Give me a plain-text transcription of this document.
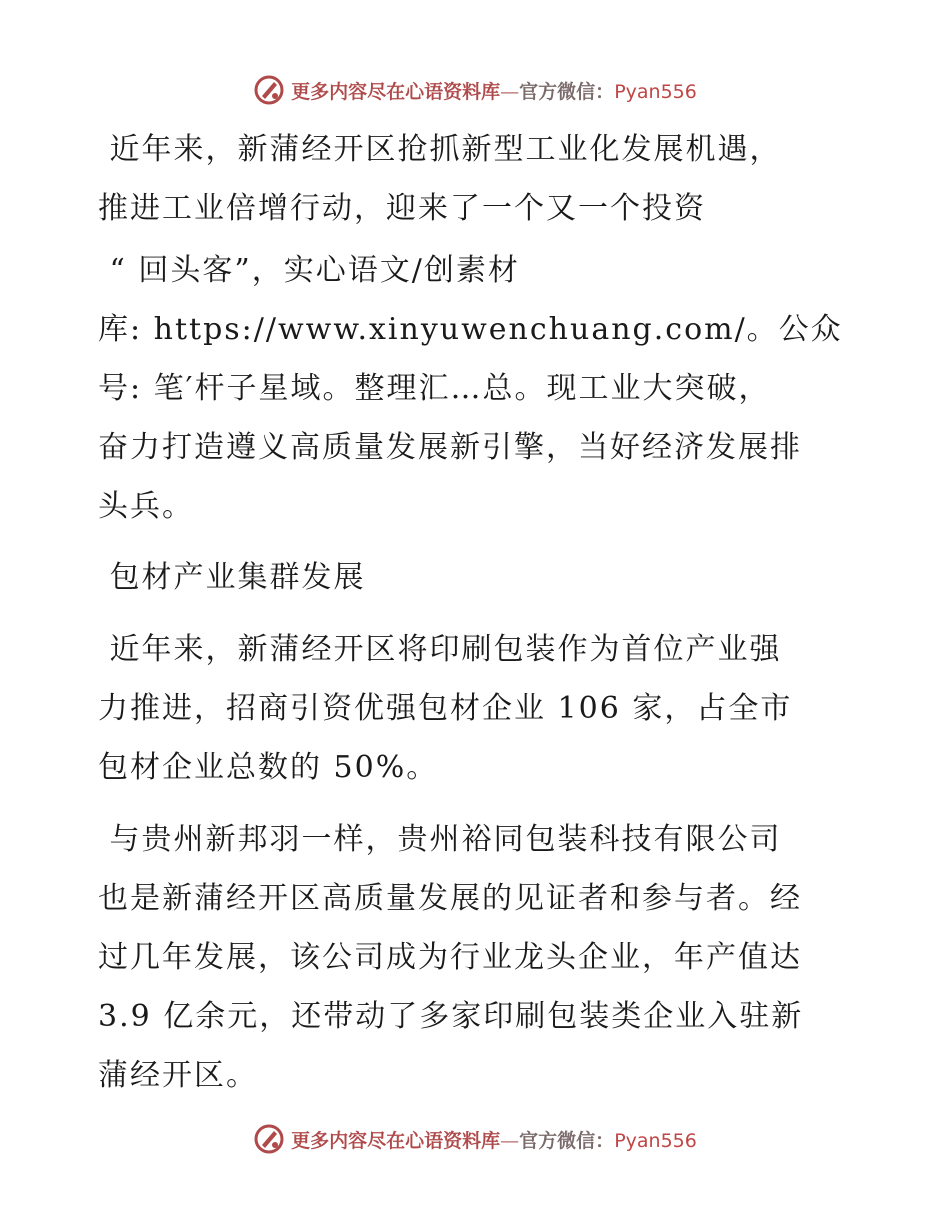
更多内容尽在心语资料库—官方微信：Pyan556

近年来，新蒲经开区抢抓新型工业化发展机遇，
推进工业倍增行动，迎来了一个又一个投资

“ 回头客”，实心语文/创素材
库: https://www.xinyuwenchuang.com/。公众
号: 笔′杆子星域。整理汇…总。现工业大突破，
奋力打造遵义高质量发展新引擎，当好经济发展排
头兵。

包材产业集群发展

近年来，新蒲经开区将印刷包装作为首位产业强
力推进，招商引资优强包材企业 106 家，占全市
包材企业总数的 50%。

与贵州新邦羽一样，贵州裕同包装科技有限公司
也是新蒲经开区高质量发展的见证者和参与者。经
过几年发展，该公司成为行业龙头企业，年产值达
3.9 亿余元，还带动了多家印刷包装类企业入驻新
蒲经开区。

更多内容尽在心语资料库—官方微信：Pyan556
